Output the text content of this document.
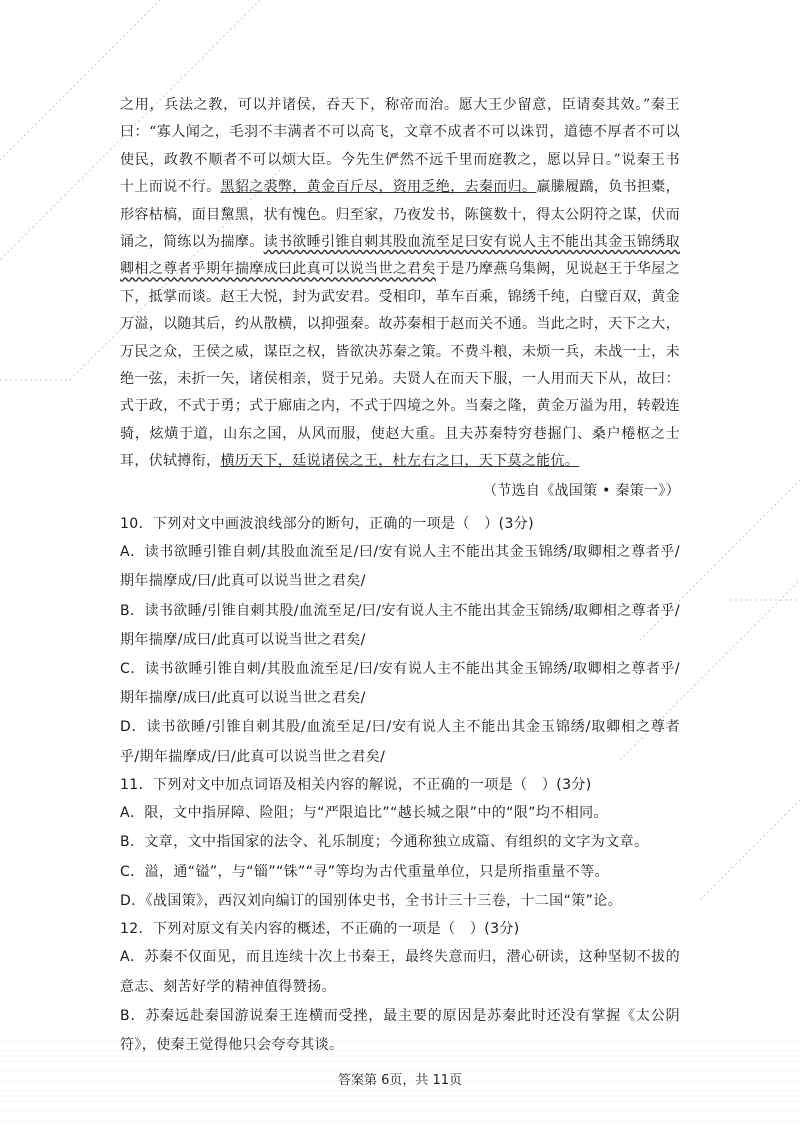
之用，兵法之教，可以并诸侯，吞天下，称帝而治。愿大王少留意，臣请奏其效。”秦王曰：“寡人闻之，毛羽不丰满者不可以高飞，文章不成者不可以诛罚，道德不厚者不可以使民，政教不顺者不可以烦大臣。今先生俨然不远千里而庭教之，愿以异日。”说秦王书十上而说不行。黑貂之裘弊，黄金百斤尽，资用乏绝，去秦而归。羸縢履蹻，负书担橐，形容枯槁，面目黧黑，状有愧色。归至家，乃夜发书，陈箧数十，得太公阴符之谋，伏而诵之，简练以为揣摩。读书欲睡引锥自刺其股血流至足曰安有说人主不能出其金玉锦绣取卿相之尊者乎期年揣摩成曰此真可以说当世之君矣于是乃摩燕乌集阙，见说赵王于华屋之下，抵掌而谈。赵王大悦，封为武安君。受相印，革车百乘，锦绣千纯，白璧百双，黄金万溢，以随其后，约从散横，以抑强秦。故苏秦相于赵而关不通。当此之时，天下之大，万民之众，王侯之威，谋臣之权，皆欲决苏秦之策。不费斗粮，未烦一兵，未战一士，未绝一弦，未折一矢，诸侯相亲，贤于兄弟。夫贤人在而天下服，一人用而天下从，故曰：式于政，不式于勇；式于廊庙之内，不式于四境之外。当秦之隆，黄金万溢为用，转毂连骑，炫熿于道，山东之国，从风而服，使赵大重。且夫苏秦特穷巷掘门、桑户棬枢之士耳，伏轼撙衔，横历天下，廷说诸侯之王，杜左右之口，天下莫之能伉。

（节选自《战国策 • 秦策一》）

10．下列对文中画波浪线部分的断句，正确的一项是（　）(3分)

A．读书欲睡引锥自刺/其股血流至足/曰/安有说人主不能出其金玉锦绣/取卿相之尊者乎/期年揣摩成/曰/此真可以说当世之君矣/

B．读书欲睡/引锥自刺其股/血流至足/曰/安有说人主不能出其金玉锦绣/取卿相之尊者乎/期年揣摩/成曰/此真可以说当世之君矣/

C．读书欲睡引锥自刺/其股血流至足/曰/安有说人主不能出其金玉锦绣/取卿相之尊者乎/期年揣摩/成曰/此真可以说当世之君矣/

D．读书欲睡/引锥自刺其股/血流至足/曰/安有说人主不能出其金玉锦绣/取卿相之尊者乎/期年揣摩成/曰/此真可以说当世之君矣/

11．下列对文中加点词语及相关内容的解说，不正确的一项是（　）(3分)

A．限，文中指屏障、险阻；与“严限追比”“越长城之限”中的“限”均不相同。

B．文章，文中指国家的法令、礼乐制度；今通称独立成篇、有组织的文字为文章。

C．溢，通“镒”，与“锱”“铢”“寻”等均为古代重量单位，只是所指重量不等。

D．《战国策》，西汉刘向编订的国别体史书，全书计三十三卷，十二国“策”论。

12．下列对原文有关内容的概述，不正确的一项是（　）(3分)

A．苏秦不仅面见，而且连续十次上书秦王，最终失意而归，潜心研读，这种坚韧不拔的意志、刻苦好学的精神值得赞扬。

B．苏秦远赴秦国游说秦王连横而受挫，最主要的原因是苏秦此时还没有掌握《太公阴符》，使秦王觉得他只会夸夸其谈。

答案第 6页，共 11页
